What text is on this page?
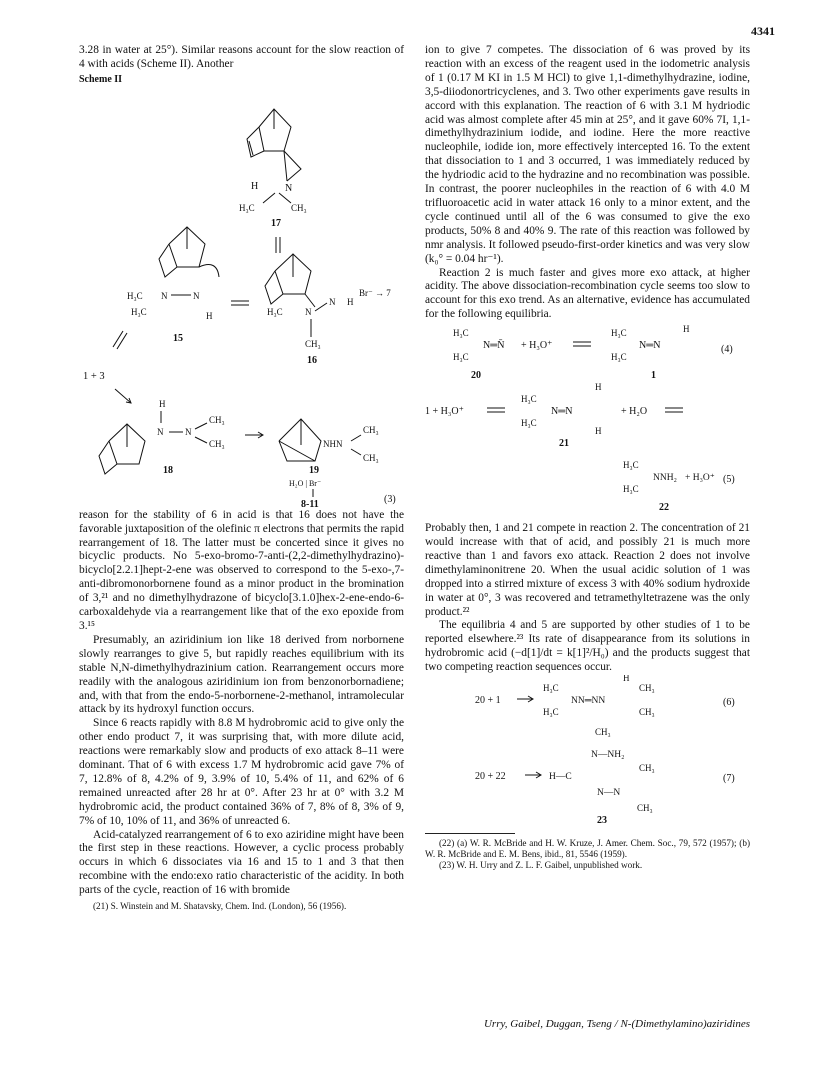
4341

3.28 in water at 25°). Similar reasons account for the slow reaction of 4 with acids (Scheme II). Another

Scheme II
H	N
H₃C	CH₃
17
H₃C N	N
H₃C	H
15
H₃C N
N H
CH₃
16
Br⁻ → 7
1 + 3
H
N N
CH₃
CH₃
18
NHN
CH₃
CH₃
19
H₂O | Br⁻
8-11	(3)

reason for the stability of 6 in acid is that 16 does not have the favorable juxtaposition of the olefinic π electrons that permits the rapid rearrangement of 18. The latter must be concerted since it gives no bicyclic products. No 5-exo-bromo-7-anti-(2,2-dimethylhydrazino)-bicyclo[2.2.1]hept-2-ene was observed to correspond to the 5-exo-,7-anti-dibromonorbornene found as a minor product in the bromination of 3,²¹ and no dimethylhydrazone of bicyclo[3.1.0]hex-2-ene-endo-6-carboxaldehyde via a rearrangement like that of the exo epoxide from 3.¹⁵

Presumably, an aziridinium ion like 18 derived from norbornene slowly rearranges to give 5, but rapidly reaches equilibrium with its stable N,N-dimethylhydrazinium cation. Rearrangement occurs more readily with the analogous aziridinium ion from benzonorbornadiene; and, with that from the endo-5-norbornene-2-methanol, intramolecular attack by its hydroxyl function occurs.

Since 6 reacts rapidly with 8.8 M hydrobromic acid to give only the other endo product 7, it was surprising that, with more dilute acid, reactions were remarkably slow and products of exo attack 8–11 were dominant. That of 6 with excess 1.7 M hydrobromic acid gave 7% of 7, 12.8% of 8, 4.2% of 9, 3.9% of 10, 5.4% of 11, and 62% of 6 remained unreacted after 28 hr at 0°. After 23 hr at 0° with 3.2 M hydrobromic acid, the product contained 36% of 7, 8% of 8, 3% of 9, 7% of 10, 10% of 11, and 36% of unreacted 6.

Acid-catalyzed rearrangement of 6 to exo aziridine might have been the first step in these reactions. However, a cyclic process probably occurs in which 6 dissociates via 16 and 15 to 1 and 3 that then recombine with the endo:exo ratio characteristic of the acidity. In both parts of the cycle, reaction of 16 with bromide

(21) S. Winstein and M. Shatavsky, Chem. Ind. (London), 56 (1956).

ion to give 7 competes. The dissociation of 6 was proved by its reaction with an excess of the reagent used in the iodometric analysis of 1 (0.17 M KI in 1.5 M HCl) to give 1,1-dimethylhydrazine, iodine, 3,5-diiodonortricyclenes, and 3. Two other experiments gave results in accord with this explanation. The reaction of 6 with 3.1 M hydriodic acid was almost complete after 45 min at 25°, and it gave 60% 7I, 1,1-dimethylhydrazinium iodide, and iodine. Here the more reactive nucleophile, iodide ion, more effectively intercepted 16. To the extent that dissociation to 1 and 3 occurred, 1 was immediately reduced by the hydriodic acid to the hydrazine and no recombination was possible. In contrast, the poorer nucleophiles in the reaction of 6 with 4.0 M trifluoroacetic acid in water attack 16 only to a minor extent, and the cycle continued until all of the 6 was consumed to give the exo products, 50% 8 and 40% 9. The rate of this reaction was followed by nmr analysis. It followed pseudo-first-order kinetics and was very slow (k₀° = 0.04 hr⁻¹).

Reaction 2 is much faster and gives more exo attack, at higher acidity. The above dissociation-recombination cycle seems too slow to account for this exo trend. As an alternative, evidence has accumulated for the following equilibria.

H₃C
H₃C
N═N̄ + H₃O⁺
H₃C
H₃C
N═N
H
20	1
(4)
1 + H₃O⁺
H₃C
H₃C
N═N
H
H
+ H₂O
21
H₃C
H₃C
NNH₂ + H₃O⁺ (5)
22

Probably then, 1 and 21 compete in reaction 2. The concentration of 21 would increase with that of acid, and possibly 21 is much more reactive than 1 and favors exo attack. Reaction 2 does not involve dimethylaminonitrene 20. When the usual acidic solution of 1 was dropped into a stirred mixture of excess 3 with 40% sodium hydroxide in water at 0°, 3 was recovered and tetramethyltetrazene was the only product.²²

The equilibria 4 and 5 are supported by other studies of 1 to be reported elsewhere.²³ Its rate of disappearance from its solutions in hydrobromic acid (−d[1]/dt = k[1]²/H₀) and the products suggest that two competing reaction sequences occur.

20 + 1
H₃C
H₃C
NN═NN
H
CH₃
CH₃
(6)
CH₃
N—NH₂
20 + 22	H—C
CH₃
N—N
CH₃
(7)
23

(22) (a) W. R. McBride and H. W. Kruze, J. Amer. Chem. Soc., 79, 572 (1957); (b) W. R. McBride and E. M. Bens, ibid., 81, 5546 (1959).

(23) W. H. Urry and Z. L. F. Gaibel, unpublished work.

Urry, Gaibel, Duggan, Tseng / N-(Dimethylamino)aziridines
